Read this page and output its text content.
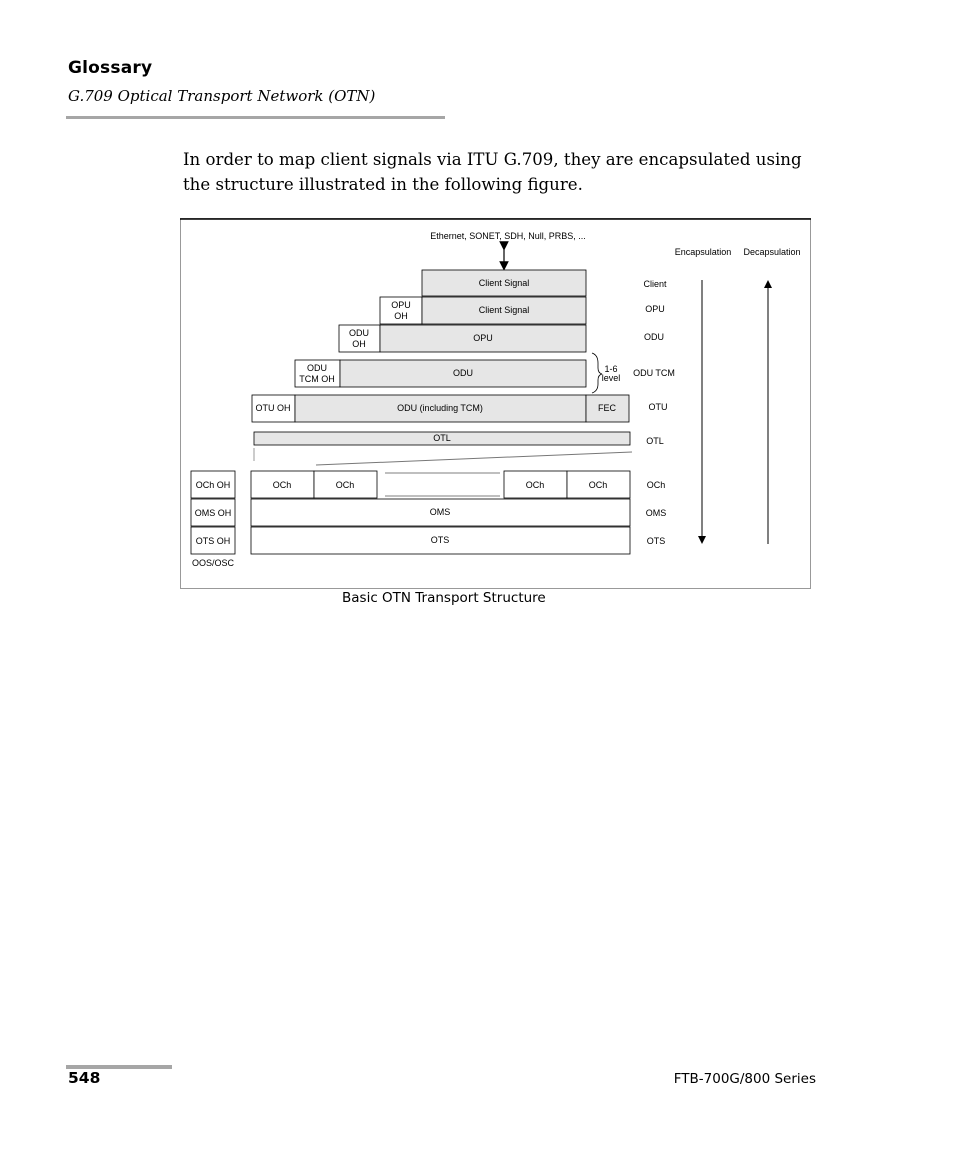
Glossary
G.709 Optical Transport Network (OTN)
In order to map client signals via ITU G.709, they are encapsulated using the structure illustrated in the following figure.
Ethernet, SONET, SDH, Null, PRBS, ...
Encapsulation Decapsulation
Client Signal
OPU
OH
Client Signal
ODU
OH
OPU
ODU
TCM OH
ODU	1-6
level
OTU OH	ODU (including TCM)	FEC
OTL
OCh OH	OCh	OCh	OCh	OCh
OMS OH	OMS
OTS OH	OTS
OOS/OSC
Client
OPU
ODU
ODU TCM
OTU
OTL
OCh
OMS
OTS
Basic OTN Transport Structure
548	FTB-700G/800 Series
